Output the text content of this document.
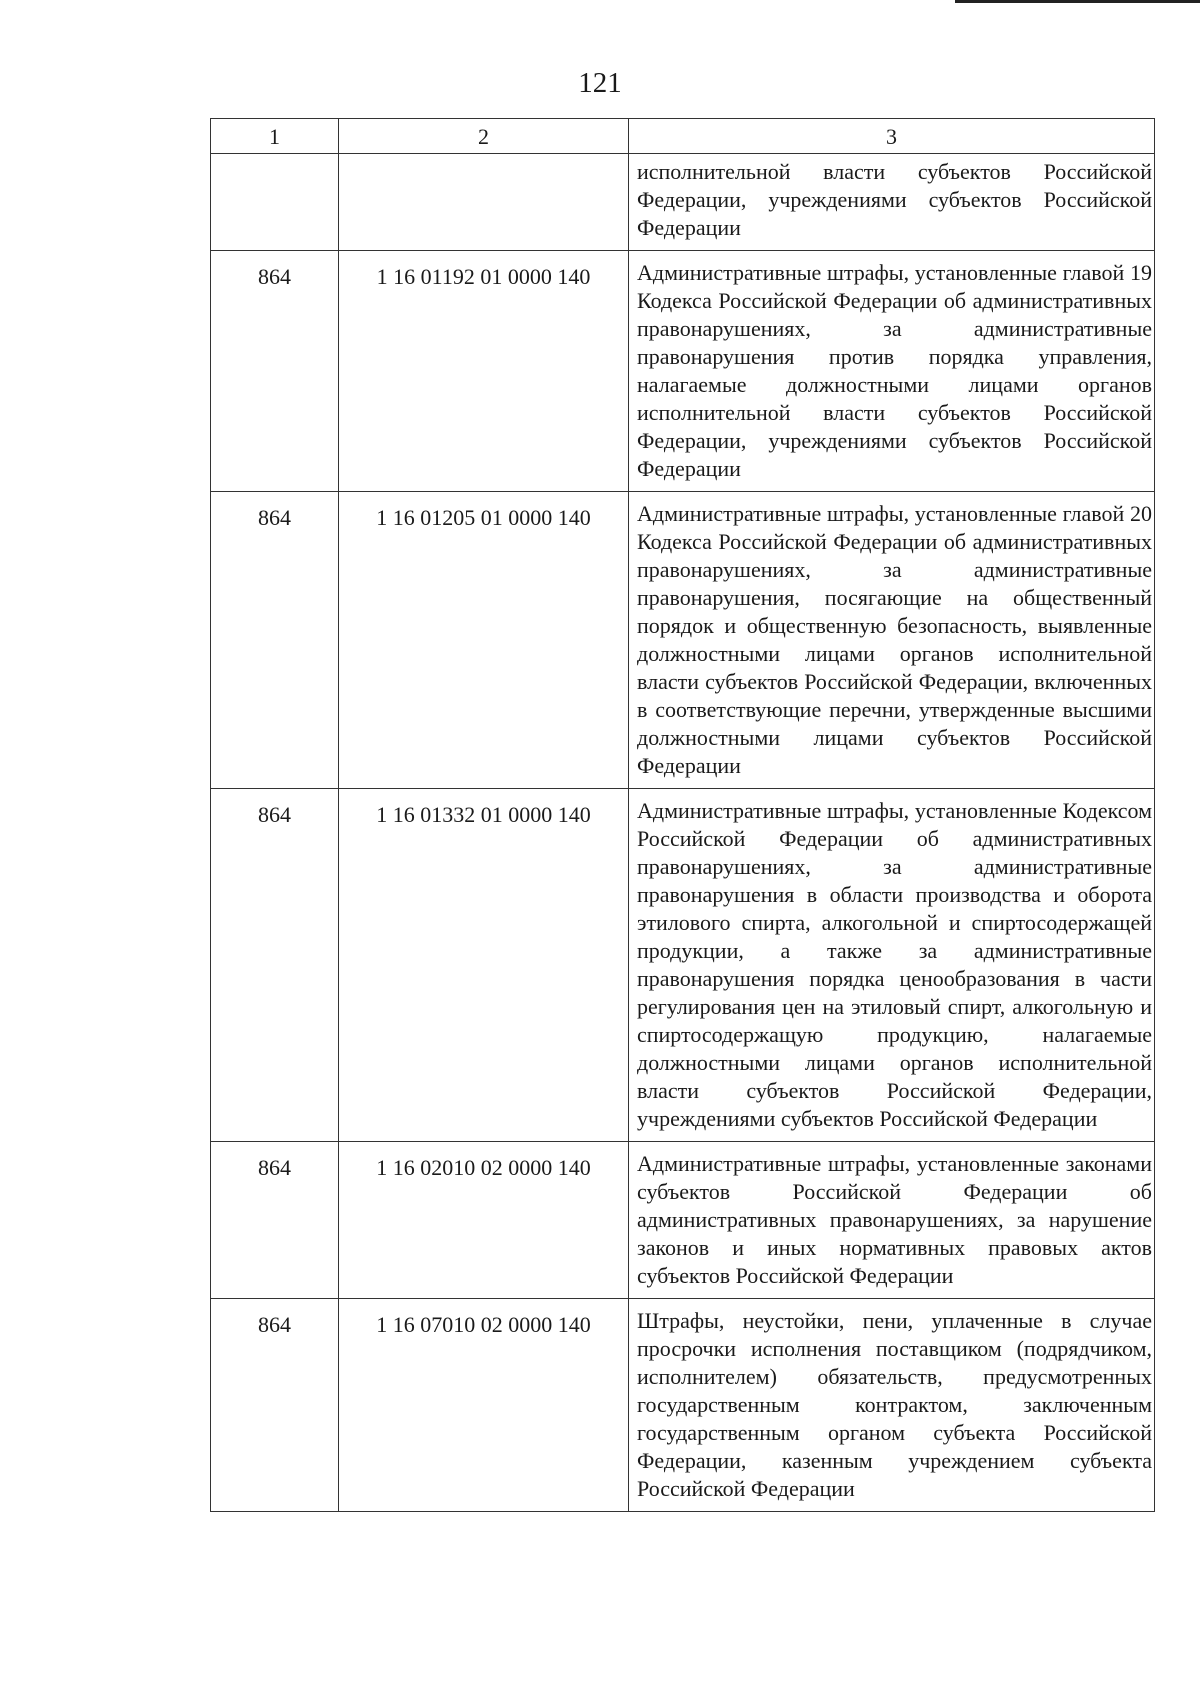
121
1	2	3
		исполнительной власти субъектов Российской Федерации, учреждениями субъектов Российской Федерации
864	1 16 01192 01 0000 140	Административные штрафы, установленные главой 19 Кодекса Российской Федерации об административных правонарушениях, за административные правонарушения против порядка управления, налагаемые должностными лицами органов исполнительной власти субъектов Российской Федерации, учреждениями субъектов Российской Федерации
864	1 16 01205 01 0000 140	Административные штрафы, установленные главой 20 Кодекса Российской Федерации об административных правонарушениях, за административные правонарушения, посягающие на общественный порядок и общественную безопасность, выявленные должностными лицами органов исполнительной власти субъектов Российской Федерации, включенных в соответствующие перечни, утвержденные высшими должностными лицами субъектов Российской Федерации
864	1 16 01332 01 0000 140	Административные штрафы, установленные Кодексом Российской Федерации об административных правонарушениях, за административные правонарушения в области производства и оборота этилового спирта, алкогольной и спиртосодержащей продукции, а также за административные правонарушения порядка ценообразования в части регулирования цен на этиловый спирт, алкогольную и спиртосодержащую продукцию, налагаемые должностными лицами органов исполнительной власти субъектов Российской Федерации, учреждениями субъектов Российской Федерации
864	1 16 02010 02 0000 140	Административные штрафы, установленные законами субъектов Российской Федерации об административных правонарушениях, за нарушение законов и иных нормативных правовых актов субъектов Российской Федерации
864	1 16 07010 02 0000 140	Штрафы, неустойки, пени, уплаченные в случае просрочки исполнения поставщиком (подрядчиком, исполнителем) обязательств, предусмотренных государственным контрактом, заключенным государственным органом субъекта Российской Федерации, казенным учреждением субъекта Российской Федерации
